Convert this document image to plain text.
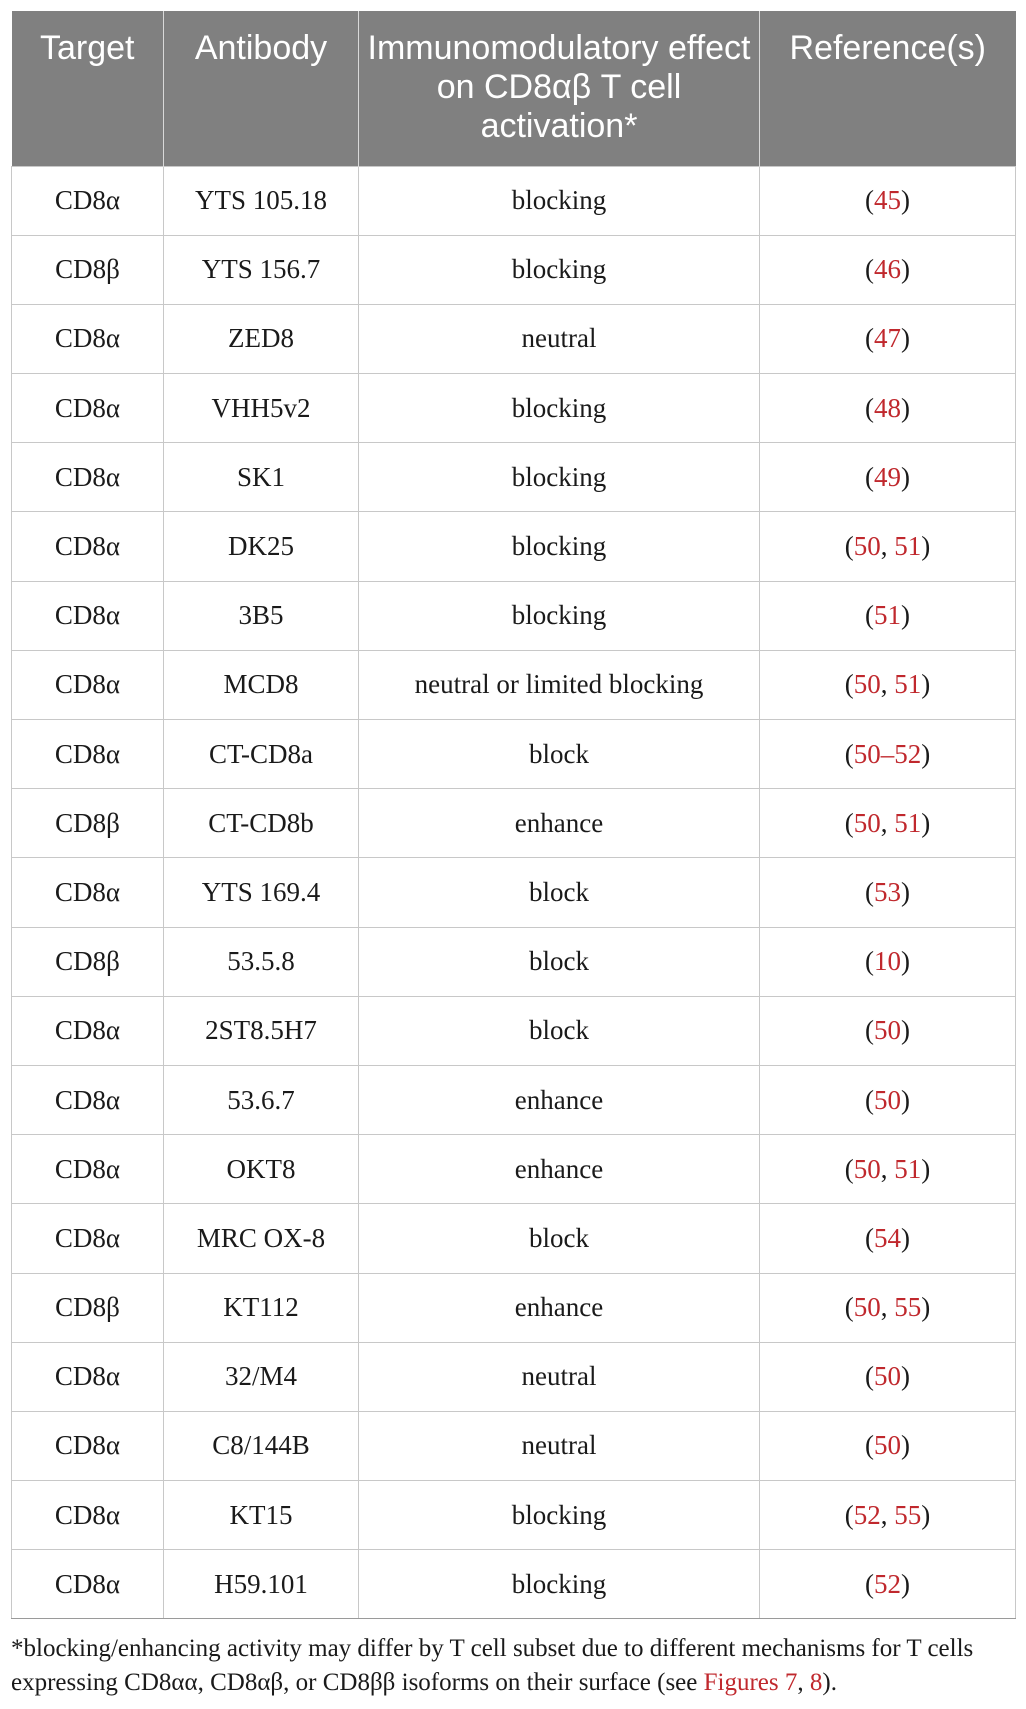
Target	Antibody	Immunomodulatory effect on CD8αβ T cell activation*	Reference(s)
CD8α	YTS 105.18	blocking	(45)
CD8β	YTS 156.7	blocking	(46)
CD8α	ZED8	neutral	(47)
CD8α	VHH5v2	blocking	(48)
CD8α	SK1	blocking	(49)
CD8α	DK25	blocking	(50, 51)
CD8α	3B5	blocking	(51)
CD8α	MCD8	neutral or limited blocking	(50, 51)
CD8α	CT-CD8a	block	(50–52)
CD8β	CT-CD8b	enhance	(50, 51)
CD8α	YTS 169.4	block	(53)
CD8β	53.5.8	block	(10)
CD8α	2ST8.5H7	block	(50)
CD8α	53.6.7	enhance	(50)
CD8α	OKT8	enhance	(50, 51)
CD8α	MRC OX-8	block	(54)
CD8β	KT112	enhance	(50, 55)
CD8α	32/M4	neutral	(50)
CD8α	C8/144B	neutral	(50)
CD8α	KT15	blocking	(52, 55)
CD8α	H59.101	blocking	(52)
*blocking/enhancing activity may differ by T cell subset due to different mechanisms for T cells expressing CD8αα, CD8αβ, or CD8ββ isoforms on their surface (see Figures 7, 8).
